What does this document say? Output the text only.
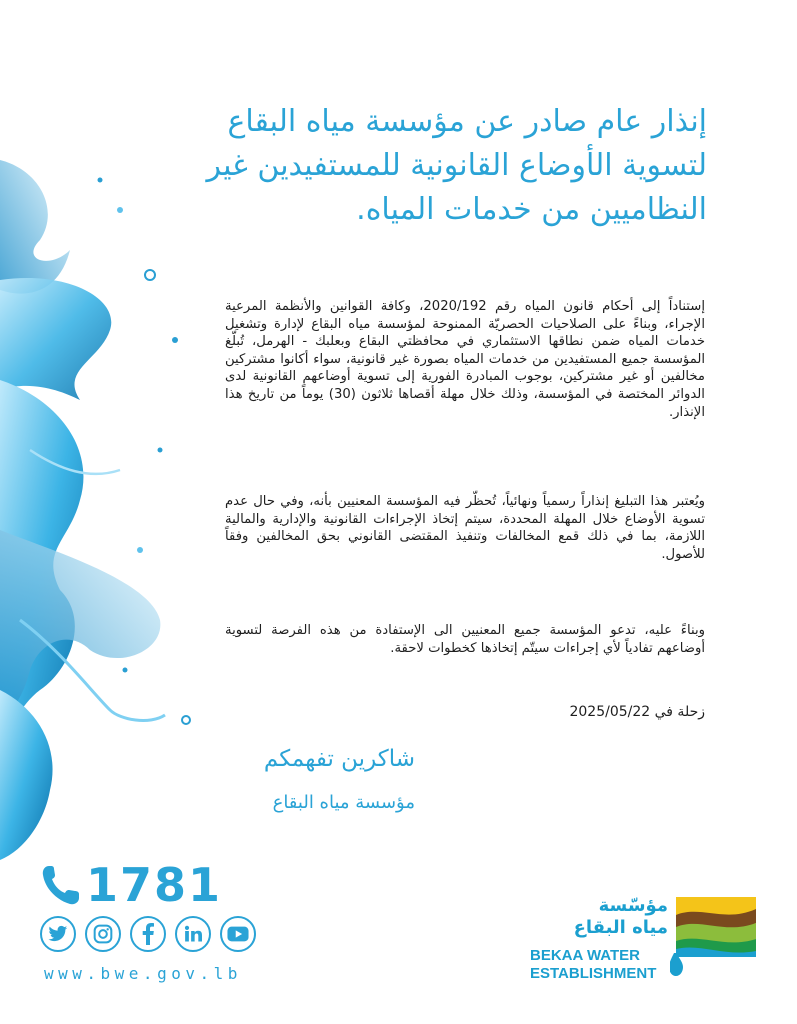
إنذار عام صادر عن مؤسسة مياه البقاع لتسوية الأوضاع القانونية للمستفيدين غير النظاميين من خدمات المياه.
إستناداً إلى أحكام قانون المياه رقم 2020/192، وكافة القوانين والأنظمة المرعية الإجراء، وبناءً على الصلاحيات الحصريّة الممنوحة لمؤسسة مياه البقاع لإدارة وتشغيل خدمات المياه ضمن نطاقها الاستثماري في محافظتي البقاع وبعلبك - الهرمل، تُبلّغ المؤسسة جميع المستفيدين من خدمات المياه بصورة غير قانونية، سواء أكانوا مشتركين مخالفين أو غير مشتركين، بوجوب المبادرة الفورية إلى تسوية أوضاعهم القانونية لدى الدوائر المختصة في المؤسسة، وذلك خلال مهلة أقصاها ثلاثون (30) يوماً من تاريخ هذا الإنذار.
ويُعتبر هذا التبليغ إنذاراً رسمياً ونهائياً، تُحظّر فيه المؤسسة المعنيين بأنه، وفي حال عدم تسوية الأوضاع خلال المهلة المحددة، سيتم إتخاذ الإجراءات القانونية والإدارية والمالية اللازمة، بما في ذلك قمع المخالفات وتنفيذ المقتضى القانوني بحق المخالفين وفقاً للأصول.
وبناءً عليه، تدعو المؤسسة جميع المعنيين الى الإستفادة من هذه الفرصة لتسوية أوضاعهم تفادياً لأي إجراءات سيتّم إتخاذها كخطوات لاحقة.
زحلة في 2025/05/22
شاكرين تفهمكم
مؤسسة مياه البقاع
1781
www.bwe.gov.lb
مؤسّسة
مياه البقاع
BEKAA WATER
ESTABLISHMENT
